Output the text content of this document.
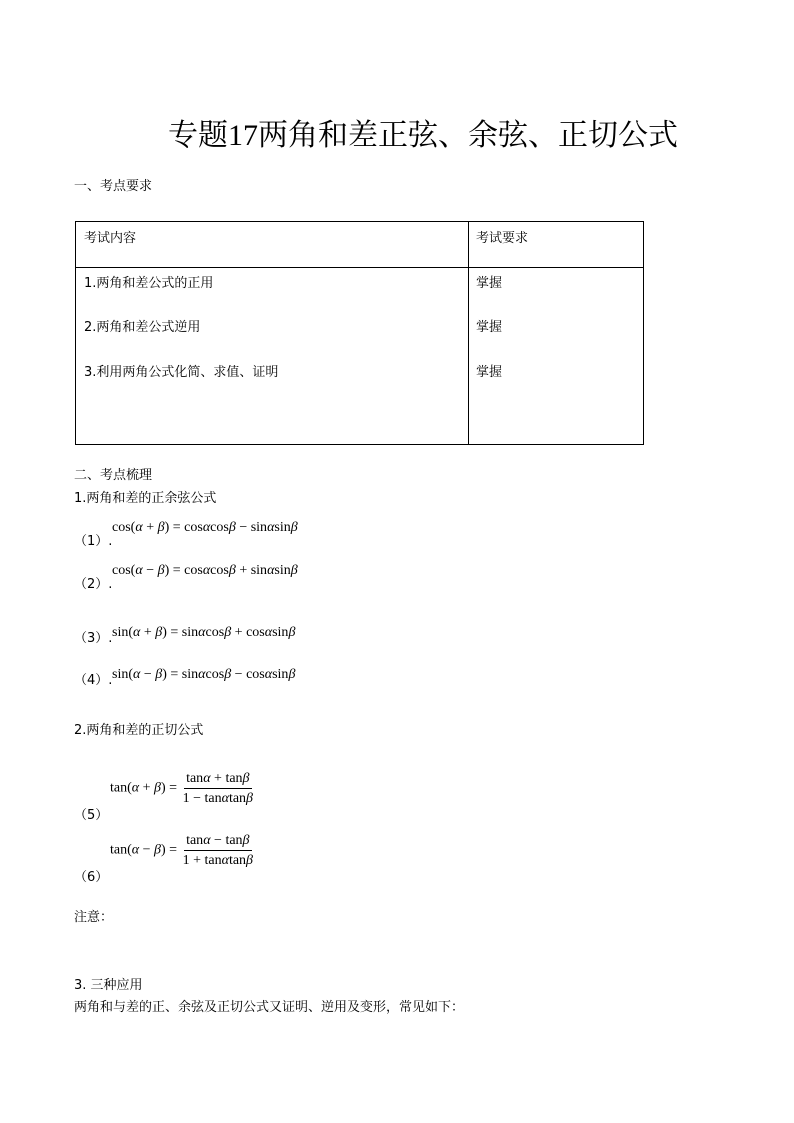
专题17两角和差正弦、余弦、正切公式
一、考点要求
考试内容	考试要求
1.两角和差公式的正用	掌握
2.两角和差公式逆用	掌握
3.利用两角公式化简、求值、证明	掌握
二、考点梳理
1.两角和差的正余弦公式
（1）.
cos(α + β) = cosαcosβ − sinαsinβ
（2）.
cos(α − β) = cosαcosβ + sinαsinβ
（3）. sin(α + β) = sinαcosβ + cosαsinβ
（4）. sin(α − β) = sinαcosβ − cosαsinβ
2.两角和差的正切公式
$\tan(\alpha + \beta) = \frac{\tan\alpha + \tan\beta}{1 - \tan\alpha\tan\beta}$
（5）
$\tan(\alpha - \beta) = \frac{\tan\alpha - \tan\beta}{1 + \tan\alpha\tan\beta}$
（6）
注意：
3. 三种应用
两角和与差的正、余弦及正切公式又证明、逆用及变形，常见如下：
